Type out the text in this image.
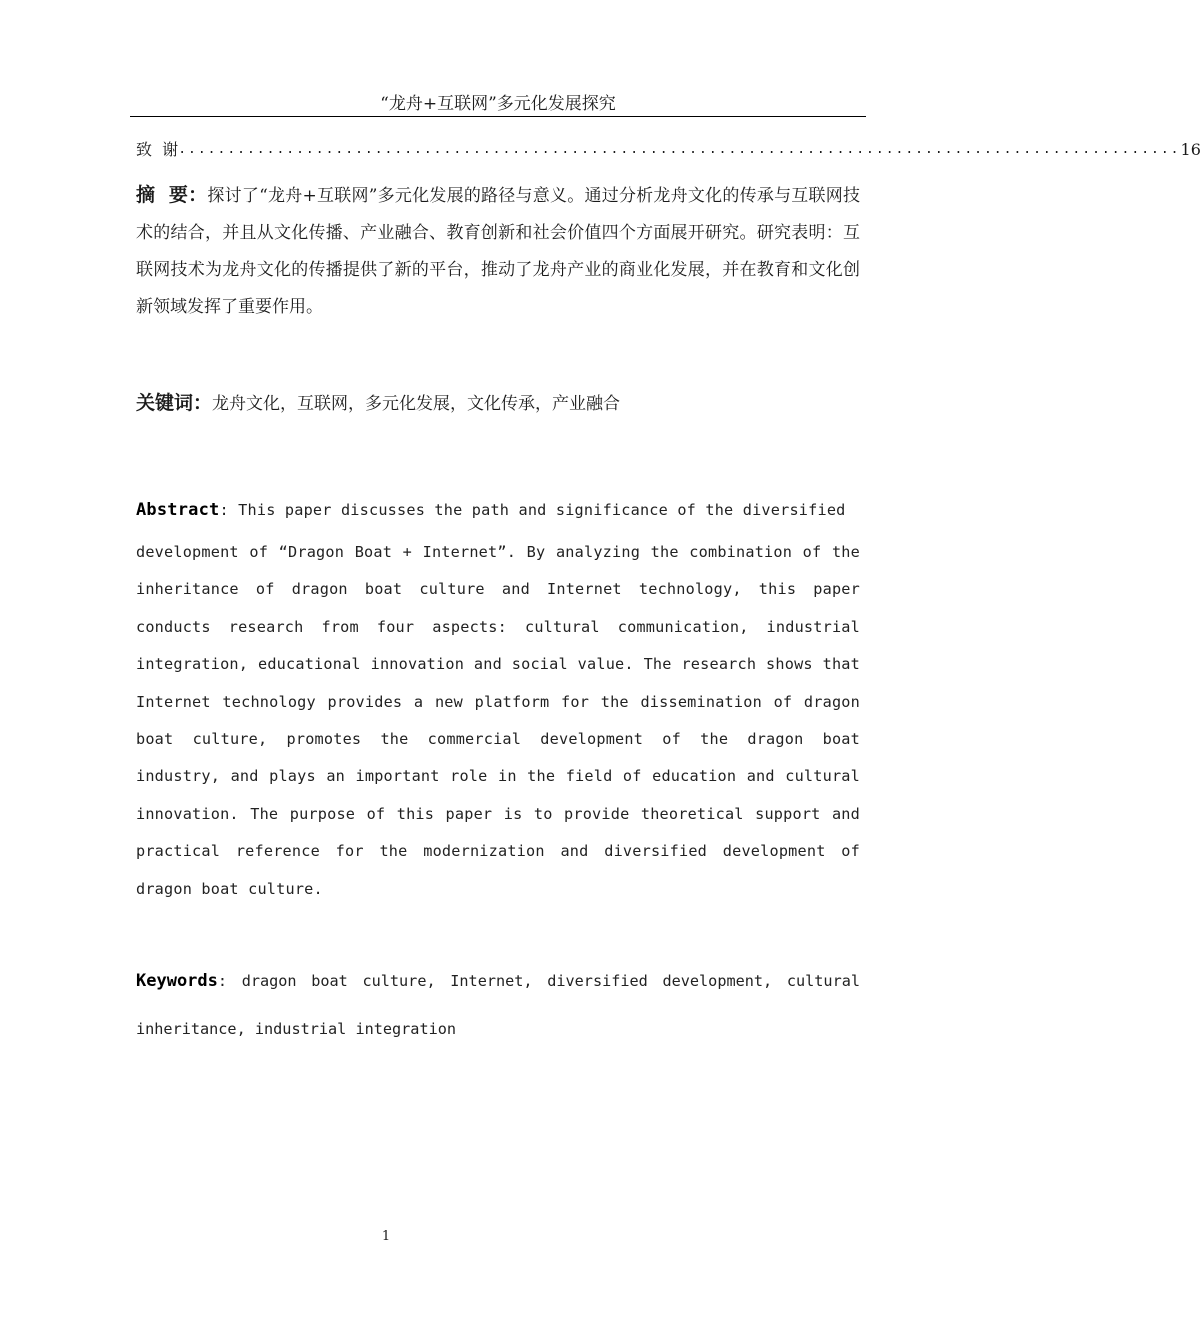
“龙舟+互联网”多元化发展探究
致  谢 ...................................................................................................... 16
摘  要：探讨了“龙舟+互联网”多元化发展的路径与意义。通过分析龙舟文化的传承与互联网技术的结合，并且从文化传播、产业融合、教育创新和社会价值四个方面展开研究。研究表明：互联网技术为龙舟文化的传播提供了新的平台，推动了龙舟产业的商业化发展，并在教育和文化创新领域发挥了重要作用。
关键词：龙舟文化，互联网，多元化发展，文化传承，产业融合
Abstract: This paper discusses the path and significance of the diversified
development of “Dragon Boat + Internet”. By analyzing the combination of the inheritance of dragon boat culture and Internet technology, this paper conducts research from four aspects: cultural communication, industrial integration, educational innovation and social value. The research shows that Internet technology provides a new platform for the dissemination of dragon boat culture, promotes the commercial development of the dragon boat industry, and plays an important role in the field of education and cultural innovation. The purpose of this paper is to provide theoretical support and practical reference for the modernization and diversified development of dragon boat culture.
Keywords: dragon boat culture, Internet, diversified development, cultural inheritance, industrial integration
1
